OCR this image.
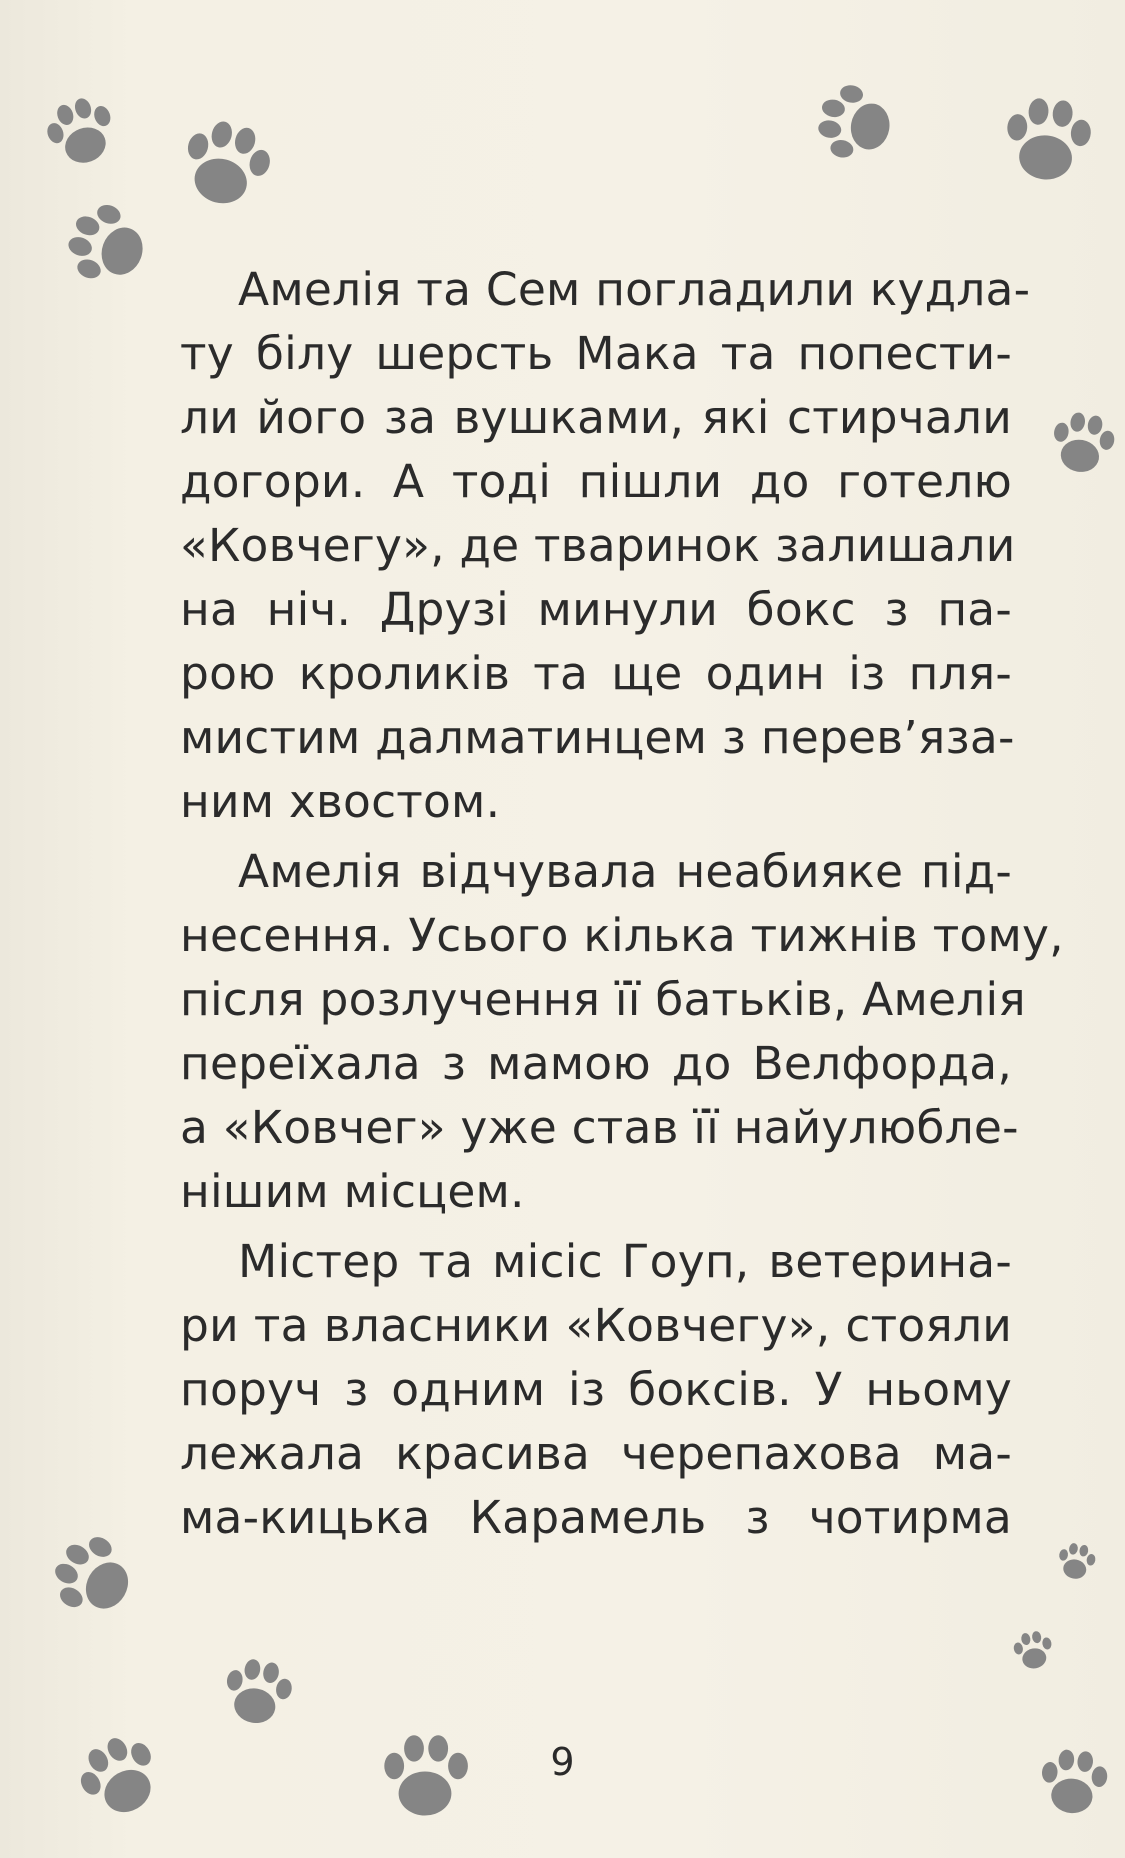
Амелія та Сем погладили кудла-
ту білу шерсть Мака та попести-
ли його за вушками, які стирчали
догори. А тоді пішли до готелю
«Ковчегу», де тваринок залишали
на ніч. Друзі минули бокс з па-
рою кроликів та ще один із пля-
мистим далматинцем з перев’яза-
ним хвостом.
Амелія відчувала неабияке під-
несення. Усього кілька тижнів тому,
після розлучення її батьків, Амелія
переїхала з мамою до Велфорда,
а «Ковчег» уже став її найулюбле-
нішим місцем.
Містер та місіс Гоуп, ветерина-
ри та власники «Ковчегу», стояли
поруч з одним із боксів. У ньому
лежала красива черепахова ма-
ма-кицька Карамель з чотирма
9
